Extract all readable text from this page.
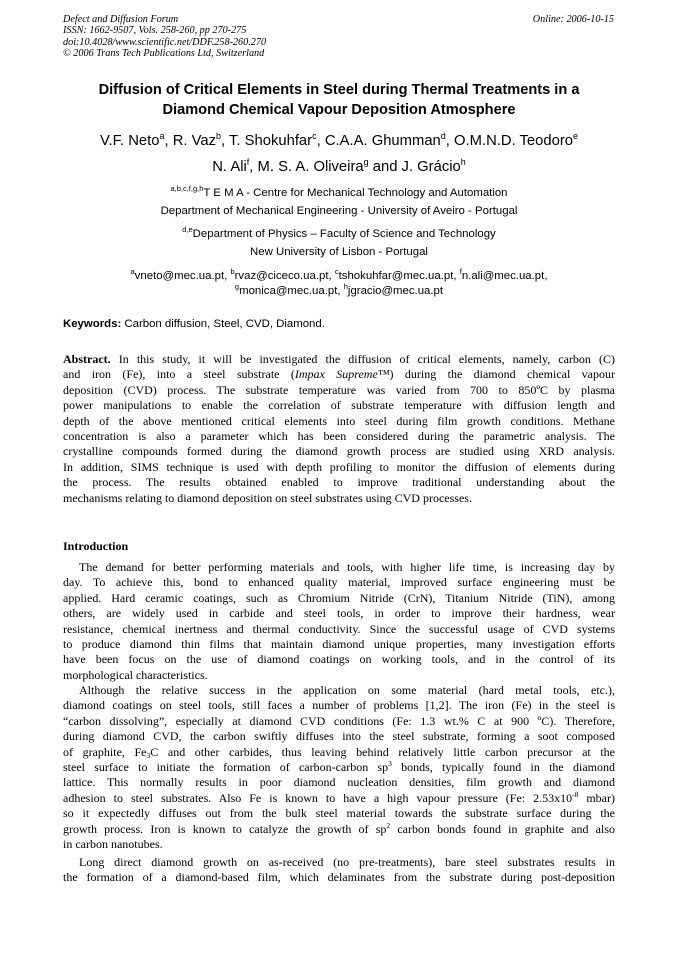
Defect and Diffusion Forum
ISSN: 1662-9507, Vols. 258-260, pp 270-275
doi:10.4028/www.scientific.net/DDF.258-260.270
© 2006 Trans Tech Publications Ltd, Switzerland
Online: 2006-10-15
Diffusion of Critical Elements in Steel during Thermal Treatments in a
Diamond Chemical Vapour Deposition Atmosphere
V.F. Neto$^a$, R. Vaz$^b$, T. Shokuhfar$^c$, C.A.A. Ghumman$^d$, O.M.N.D. Teodoro$^e$
N. Ali$^f$, M. S. A. Oliveira$^g$ and J. Grácio$^h$
$^{a,b,c,f,g,h}$T E M A - Centre for Mechanical Technology and Automation
Department of Mechanical Engineering - University of Aveiro - Portugal
$^{d,e}$Department of Physics – Faculty of Science and Technology
New University of Lisbon - Portugal
$^a$vneto@mec.ua.pt, $^b$rvaz@ciceco.ua.pt, $^c$tshokuhfar@mec.ua.pt, $^f$n.ali@mec.ua.pt,
$^g$monica@mec.ua.pt, $^h$jgracio@mec.ua.pt
Keywords: Carbon diffusion, Steel, CVD, Diamond.
Abstract. In this study, it will be investigated the diffusion of critical elements, namely, carbon (C)
and iron (Fe), into a steel substrate (Impax Supreme™) during the diamond chemical vapour
deposition (CVD) process. The substrate temperature was varied from 700 to 850ºC by plasma
power manipulations to enable the correlation of substrate temperature with diffusion length and
depth of the above mentioned critical elements into steel during film growth conditions. Methane
concentration is also a parameter which has been considered during the parametric analysis. The
crystalline compounds formed during the diamond growth process are studied using XRD analysis.
In addition, SIMS technique is used with depth profiling to monitor the diffusion of elements during
the process. The results obtained enabled to improve traditional understanding about the
mechanisms relating to diamond deposition on steel substrates using CVD processes.
Introduction
The demand for better performing materials and tools, with higher life time, is increasing day by
day. To achieve this, bond to enhanced quality material, improved surface engineering must be
applied. Hard ceramic coatings, such as Chromium Nitride (CrN), Titanium Nitride (TiN), among
others, are widely used in carbide and steel tools, in order to improve their hardness, wear
resistance, chemical inertness and thermal conductivity. Since the successful usage of CVD systems
to produce diamond thin films that maintain diamond unique properties, many investigation efforts
have been focus on the use of diamond coatings on working tools, and in the control of its
morphological characteristics.
Although the relative success in the application on some material (hard metal tools, etc.),
diamond coatings on steel tools, still faces a number of problems [1,2]. The iron (Fe) in the steel is
“carbon dissolving”, especially at diamond CVD conditions (Fe: 1.3 wt.% C at 900 ºC). Therefore,
during diamond CVD, the carbon swiftly diffuses into the steel substrate, forming a soot composed
of graphite, $Fe_3C$ and other carbides, thus leaving behind relatively little carbon precursor at the
steel surface to initiate the formation of carbon-carbon $sp^3$ bonds, typically found in the diamond
lattice. This normally results in poor diamond nucleation densities, film growth and diamond
adhesion to steel substrates. Also Fe is known to have a high vapour pressure (Fe: $2.53x10^{-8}$ mbar)
so it expectedly diffuses out from the bulk steel material towards the substrate surface during the
growth process. Iron is known to catalyze the growth of $sp^2$ carbon bonds found in graphite and also
in carbon nanotubes.
Long direct diamond growth on as-received (no pre-treatments), bare steel substrates results in
the formation of a diamond-based film, which delaminates from the substrate during post-deposition
